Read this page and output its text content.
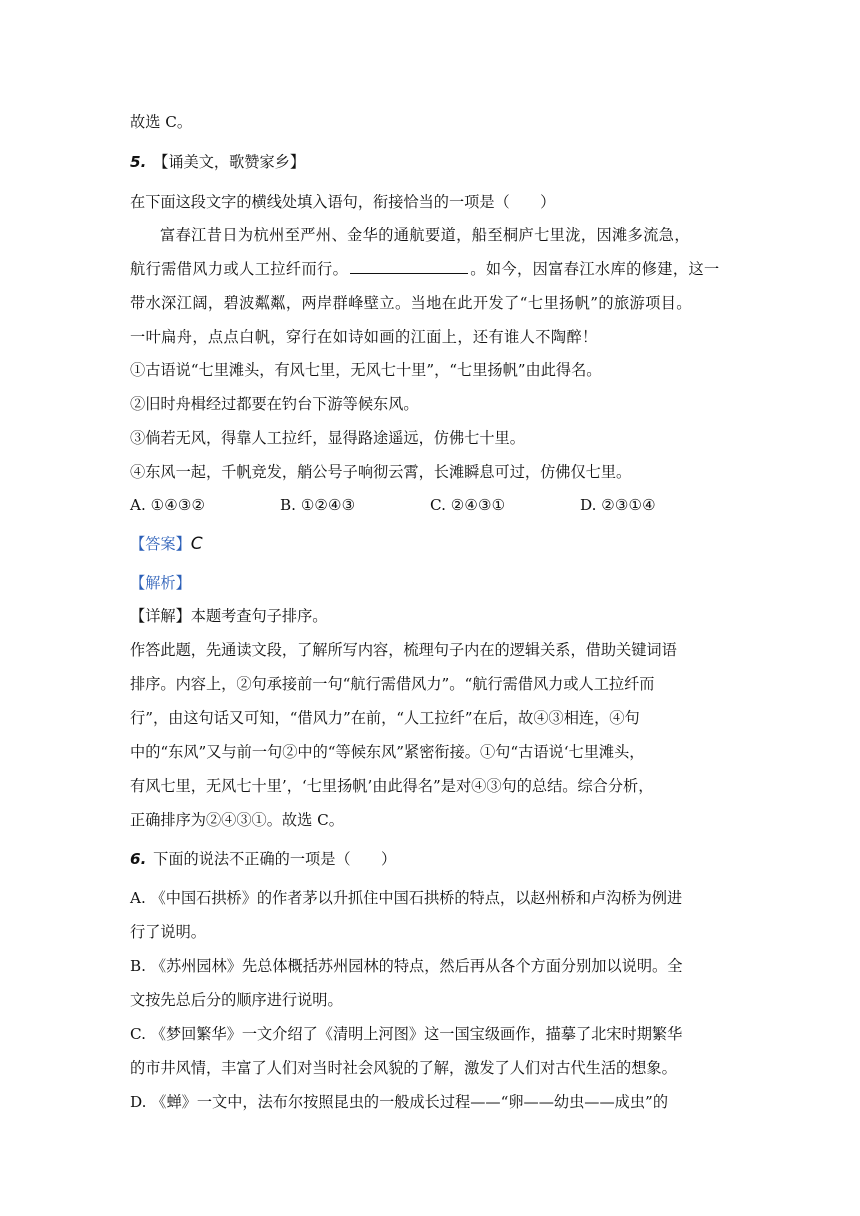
故选 C。
5. 【诵美文，歌赞家乡】
在下面这段文字的横线处填入语句，衔接恰当的一项是（　　）
富春江昔日为杭州至严州、金华的通航要道，船至桐庐七里泷，因滩多流急，
航行需借风力或人工拉纤而行。	。如今，因富春江水库的修建，这一
带水深江阔，碧波粼粼，两岸群峰壁立。当地在此开发了“七里扬帆”的旅游项目。
一叶扁舟，点点白帆，穿行在如诗如画的江面上，还有谁人不陶醉！
①古语说“七里滩头，有风七里，无风七十里”，“七里扬帆”由此得名。
②旧时舟楫经过都要在钓台下游等候东风。
③倘若无风，得靠人工拉纤，显得路途遥远，仿佛七十里。
④东风一起，千帆竞发，艄公号子响彻云霄，长滩瞬息可过，仿佛仅七里。
A. ①④③②	B. ①②④③	C. ②④③①	D. ②③①④
【答案】C
【解析】
【详解】本题考查句子排序。
作答此题，先通读文段，了解所写内容，梳理句子内在的逻辑关系，借助关键词语
排序。内容上，②句承接前一句“航行需借风力”。“航行需借风力或人工拉纤而
行”，由这句话又可知，“借风力”在前，“人工拉纤”在后，故④③相连，④句
中的“东风”又与前一句②中的“等候东风”紧密衔接。①句“古语说‘七里滩头，
有风七里，无风七十里’，‘七里扬帆’由此得名”是对④③句的总结。综合分析，
正确排序为②④③①。故选 C。
6. 下面的说法不正确的一项是（　　）
A. 《中国石拱桥》的作者茅以升抓住中国石拱桥的特点，以赵州桥和卢沟桥为例进
行了说明。
B. 《苏州园林》先总体概括苏州园林的特点，然后再从各个方面分别加以说明。全
文按先总后分的顺序进行说明。
C. 《梦回繁华》一文介绍了《清明上河图》这一国宝级画作，描摹了北宋时期繁华
的市井风情，丰富了人们对当时社会风貌的了解，激发了人们对古代生活的想象。
D. 《蝉》一文中，法布尔按照昆虫的一般成长过程——“卵——幼虫——成虫”的
